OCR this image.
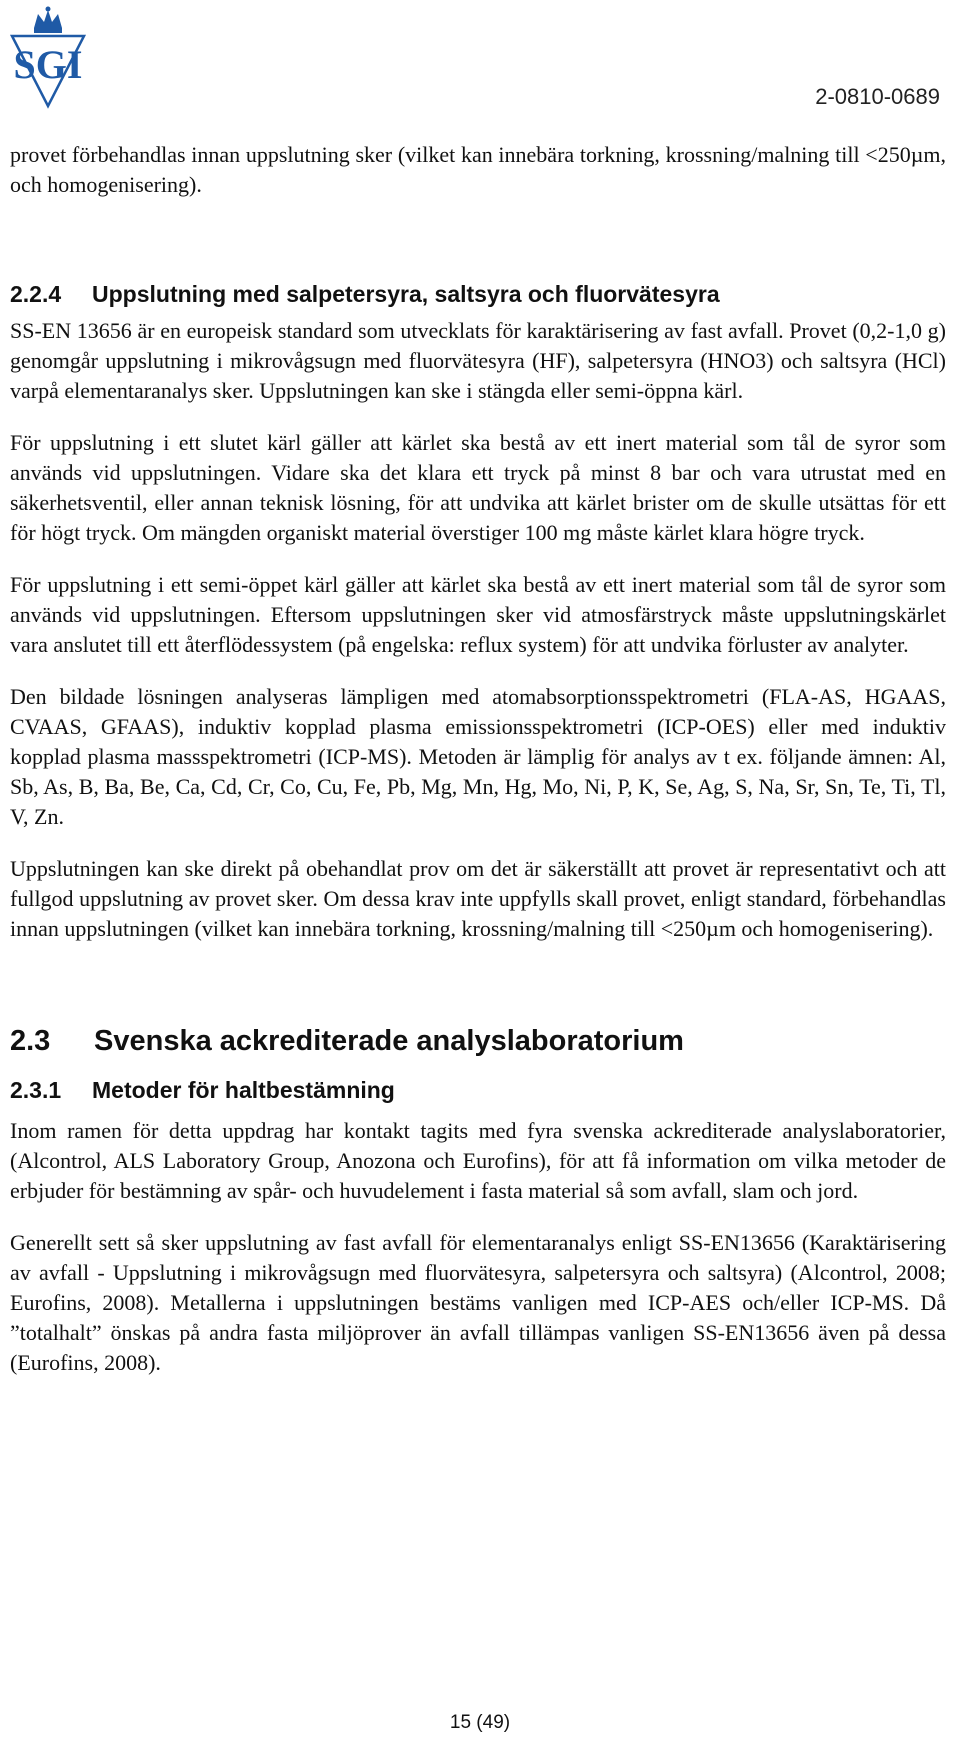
SGI
2-0810-0689

provet förbehandlas innan uppslutning sker (vilket kan innebära torkning, krossning/malning till <250µm, och homogenisering).

2.2.4 Uppslutning med salpetersyra, saltsyra och fluorvätesyra

SS-EN 13656 är en europeisk standard som utvecklats för karaktärisering av fast avfall. Provet (0,2-1,0 g) genomgår uppslutning i mikrovågsugn med fluorvätesyra (HF), salpetersyra (HNO3) och saltsyra (HCl) varpå elementaranalys sker. Uppslutningen kan ske i stängda eller semi-öppna kärl.

För uppslutning i ett slutet kärl gäller att kärlet ska bestå av ett inert material som tål de syror som används vid uppslutningen. Vidare ska det klara ett tryck på minst 8 bar och vara utrustat med en säkerhetsventil, eller annan teknisk lösning, för att undvika att kärlet brister om de skulle utsättas för ett för högt tryck. Om mängden organiskt material överstiger 100 mg måste kärlet klara högre tryck.

För uppslutning i ett semi-öppet kärl gäller att kärlet ska bestå av ett inert material som tål de syror som används vid uppslutningen. Eftersom uppslutningen sker vid atmosfärstryck måste uppslutningskärlet vara anslutet till ett återflödessystem (på engelska: reflux system) för att undvika förluster av analyter.

Den bildade lösningen analyseras lämpligen med atomabsorptionsspektrometri (FLA-AS, HGAAS, CVAAS, GFAAS), induktiv kopplad plasma emissionsspektrometri (ICP-OES) eller med induktiv kopplad plasma massspektrometri (ICP-MS). Metoden är lämplig för analys av t ex. följande ämnen: Al, Sb, As, B, Ba, Be, Ca, Cd, Cr, Co, Cu, Fe, Pb, Mg, Mn, Hg, Mo, Ni, P, K, Se, Ag, S, Na, Sr, Sn, Te, Ti, Tl, V, Zn.

Uppslutningen kan ske direkt på obehandlat prov om det är säkerställt att provet är representativt och att fullgod uppslutning av provet sker. Om dessa krav inte uppfylls skall provet, enligt standard, förbehandlas innan uppslutningen (vilket kan innebära torkning, krossning/malning till <250µm och homogenisering).

2.3 Svenska ackrediterade analyslaboratorium
2.3.1 Metoder för haltbestämning

Inom ramen för detta uppdrag har kontakt tagits med fyra svenska ackrediterade analyslaboratorier, (Alcontrol, ALS Laboratory Group, Anozona och Eurofins), för att få information om vilka metoder de erbjuder för bestämning av spår- och huvudelement i fasta material så som avfall, slam och jord.

Generellt sett så sker uppslutning av fast avfall för elementaranalys enligt SS-EN13656 (Karaktärisering av avfall - Uppslutning i mikrovågsugn med fluorvätesyra, salpetersyra och saltsyra) (Alcontrol, 2008; Eurofins, 2008). Metallerna i uppslutningen bestäms vanligen med ICP-AES och/eller ICP-MS. Då ”totalhalt” önskas på andra fasta miljöprover än avfall tillämpas vanligen SS-EN13656 även på dessa (Eurofins, 2008).

15 (49)
